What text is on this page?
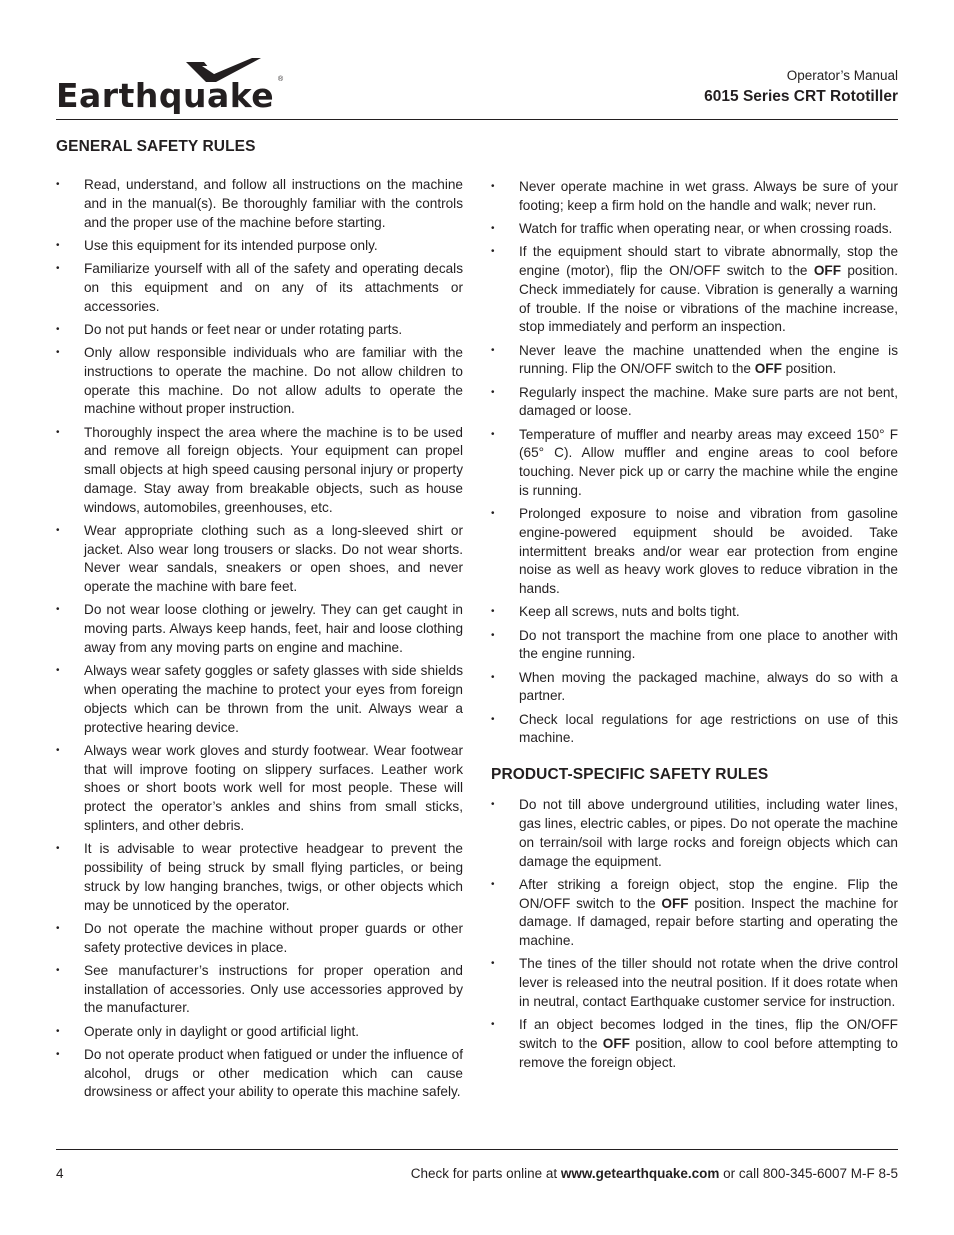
Earthquake ®	Operator’s Manual
6015 Series CRT Rototiller
GENERAL SAFETY RULES
• Read, understand, and follow all instructions on the machine and in the manual(s). Be thoroughly familiar with the controls and the proper use of the machine before starting.
• Use this equipment for its intended purpose only.
• Familiarize yourself with all of the safety and operating decals on this equipment and on any of its attachments or accessories.
• Do not put hands or feet near or under rotating parts.
• Only allow responsible individuals who are familiar with the instructions to operate the machine. Do not allow children to operate this machine. Do not allow adults to operate the machine without proper instruction.
• Thoroughly inspect the area where the machine is to be used and remove all foreign objects. Your equipment can propel small objects at high speed causing personal injury or property damage. Stay away from breakable objects, such as house windows, automobiles, greenhouses, etc.
• Wear appropriate clothing such as a long-sleeved shirt or jacket. Also wear long trousers or slacks. Do not wear shorts. Never wear sandals, sneakers or open shoes, and never operate the machine with bare feet.
• Do not wear loose clothing or jewelry. They can get caught in moving parts. Always keep hands, feet, hair and loose clothing away from any moving parts on engine and machine.
• Always wear safety goggles or safety glasses with side shields when operating the machine to protect your eyes from foreign objects which can be thrown from the unit. Always wear a protective hearing device.
• Always wear work gloves and sturdy footwear. Wear footwear that will improve footing on slippery surfaces. Leather work shoes or short boots work well for most people. These will protect the operator’s ankles and shins from small sticks, splinters, and other debris.
• It is advisable to wear protective headgear to prevent the possibility of being struck by small flying particles, or being struck by low hanging branches, twigs, or other objects which may be unnoticed by the operator.
• Do not operate the machine without proper guards or other safety protective devices in place.
• See manufacturer’s instructions for proper operation and installation of accessories. Only use accessories approved by the manufacturer.
• Operate only in daylight or good artificial light.
• Do not operate product when fatigued or under the influence of alcohol, drugs or other medication which can cause drowsiness or affect your ability to operate this machine safely.
• Never operate machine in wet grass. Always be sure of your footing; keep a firm hold on the handle and walk; never run.
• Watch for traffic when operating near, or when crossing roads.
• If the equipment should start to vibrate abnormally, stop the engine (motor), flip the ON/OFF switch to the OFF position. Check immediately for cause. Vibration is generally a warning of trouble. If the noise or vibrations of the machine increase, stop immediately and perform an inspection.
• Never leave the machine unattended when the engine is running. Flip the ON/OFF switch to the OFF position.
• Regularly inspect the machine. Make sure parts are not bent, damaged or loose.
• Temperature of muffler and nearby areas may exceed 150° F (65° C). Allow muffler and engine areas to cool before touching. Never pick up or carry the machine while the engine is running.
• Prolonged exposure to noise and vibration from gasoline engine-powered equipment should be avoided. Take intermittent breaks and/or wear ear protection from engine noise as well as heavy work gloves to reduce vibration in the hands.
• Keep all screws, nuts and bolts tight.
• Do not transport the machine from one place to another with the engine running.
• When moving the packaged machine, always do so with a partner.
• Check local regulations for age restrictions on use of this machine.
PRODUCT-SPECIFIC SAFETY RULES
• Do not till above underground utilities, including water lines, gas lines, electric cables, or pipes. Do not operate the machine on terrain/soil with large rocks and foreign objects which can damage the equipment.
• After striking a foreign object, stop the engine. Flip the ON/OFF switch to the OFF position. Inspect the machine for damage. If damaged, repair before starting and operating the machine.
• The tines of the tiller should not rotate when the drive control lever is released into the neutral position. If it does rotate when in neutral, contact Earthquake customer service for instruction.
• If an object becomes lodged in the tines, flip the ON/OFF switch to the OFF position, allow to cool before attempting to remove the foreign object.
4	Check for parts online at www.getearthquake.com or call 800-345-6007 M-F 8-5
